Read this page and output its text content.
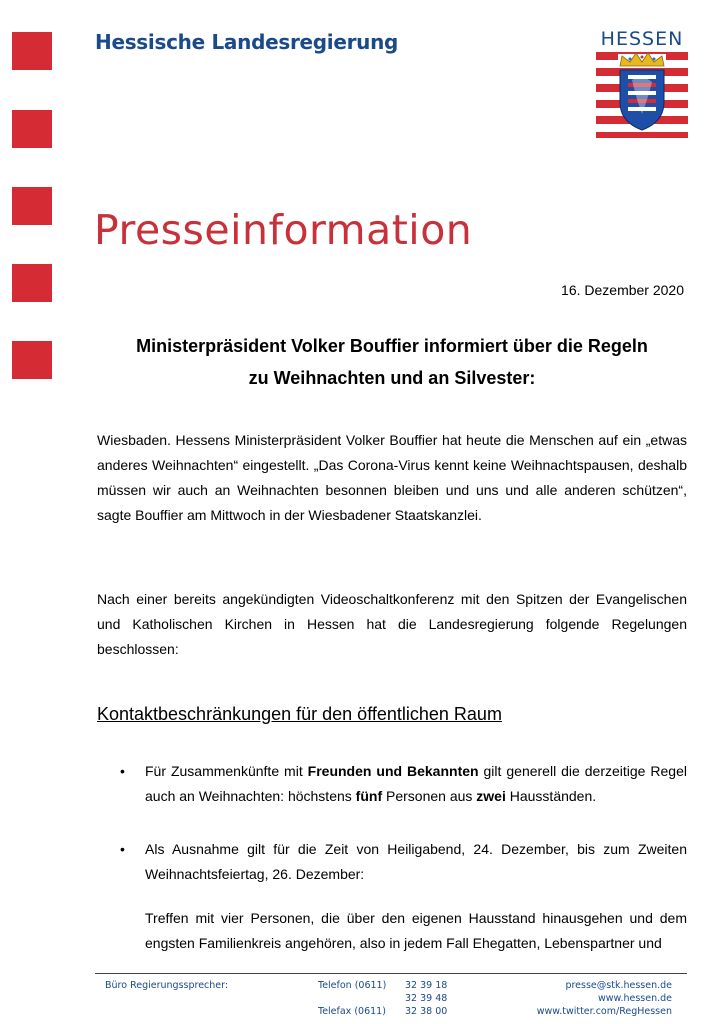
Hessische Landesregierung	HESSEN
Presseinformation
16. Dezember 2020
Ministerpräsident Volker Bouffier informiert über die Regeln
zu Weihnachten und an Silvester:
Wiesbaden. Hessens Ministerpräsident Volker Bouffier hat heute die Menschen auf ein „etwas anderes Weihnachten“ eingestellt. „Das Corona-Virus kennt keine Weihnachtspausen, deshalb müssen wir auch an Weihnachten besonnen bleiben und uns und alle anderen schützen“, sagte Bouffier am Mittwoch in der Wiesbadener Staatskanzlei.
Nach einer bereits angekündigten Videoschaltkonferenz mit den Spitzen der Evangelischen und Katholischen Kirchen in Hessen hat die Landesregierung folgende Regelungen beschlossen:
Kontaktbeschränkungen für den öffentlichen Raum
• Für Zusammenkünfte mit Freunden und Bekannten gilt generell die derzeitige Regel auch an Weihnachten: höchstens fünf Personen aus zwei Hausständen.
• Als Ausnahme gilt für die Zeit von Heiligabend, 24. Dezember, bis zum Zweiten Weihnachtsfeiertag, 26. Dezember:
Treffen mit vier Personen, die über den eigenen Hausstand hinausgehen und dem engsten Familienkreis angehören, also in jedem Fall Ehegatten, Lebenspartner und
Büro Regierungssprecher:	Telefon (0611) 32 39 18
32 39 48
Telefax (0611) 32 38 00
presse@stk.hessen.de
www.hessen.de
www.twitter.com/RegHessen
